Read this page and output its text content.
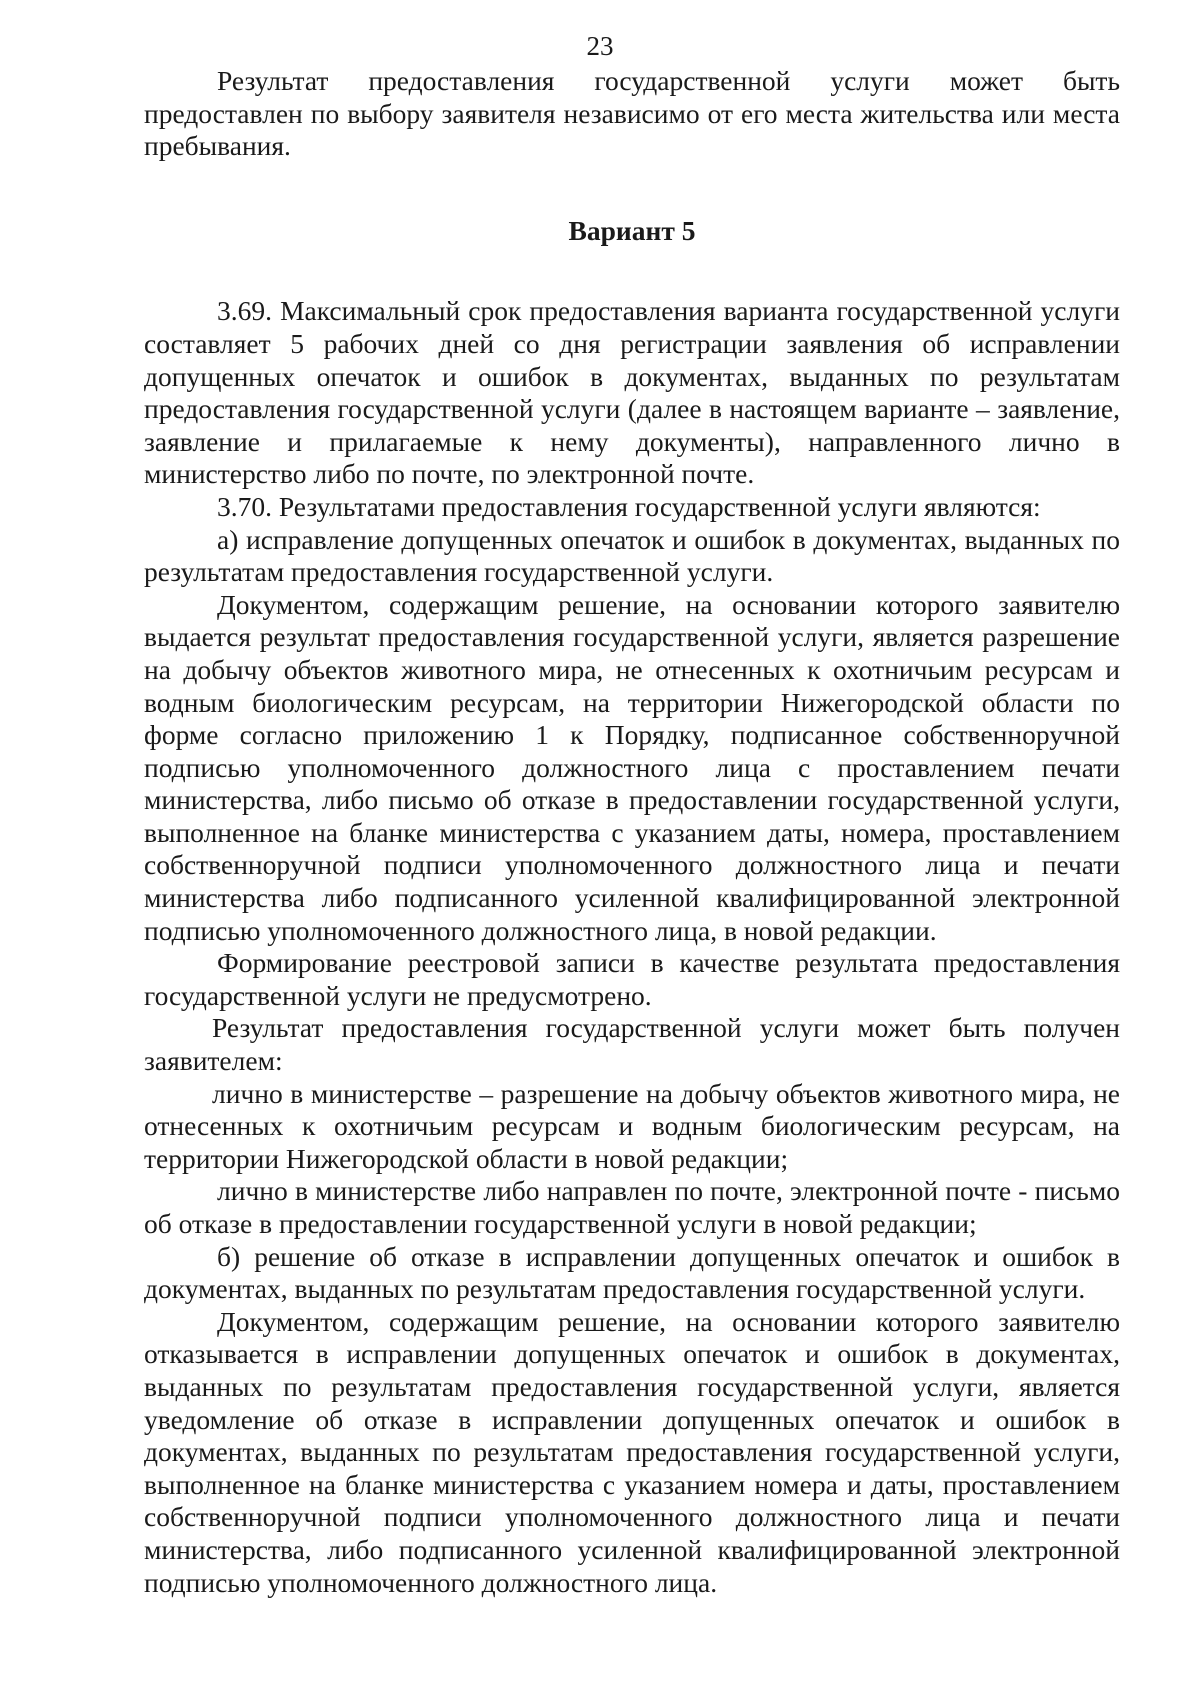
23

Результат предоставления государственной услуги может быть предоставлен по выбору заявителя независимо от его места жительства или места пребывания.

Вариант 5

3.69. Максимальный срок предоставления варианта государственной услуги составляет 5 рабочих дней со дня регистрации заявления об исправлении допущенных опечаток и ошибок в документах, выданных по результатам предоставления государственной услуги (далее в настоящем варианте – заявление, заявление и прилагаемые к нему документы), направленного лично в министерство либо по почте, по электронной почте.

3.70. Результатами предоставления государственной услуги являются:

а) исправление допущенных опечаток и ошибок в документах, выданных по результатам предоставления государственной услуги.

Документом, содержащим решение, на основании которого заявителю выдается результат предоставления государственной услуги, является разрешение на добычу объектов животного мира, не отнесенных к охотничьим ресурсам и водным биологическим ресурсам, на территории Нижегородской области по форме согласно приложению 1 к Порядку, подписанное собственноручной подписью уполномоченного должностного лица с проставлением печати министерства, либо письмо об отказе в предоставлении государственной услуги, выполненное на бланке министерства с указанием даты, номера, проставлением собственноручной подписи уполномоченного должностного лица и печати министерства либо подписанного усиленной квалифицированной электронной подписью уполномоченного должностного лица, в новой редакции.

Формирование реестровой записи в качестве результата предоставления государственной услуги не предусмотрено.

Результат предоставления государственной услуги может быть получен заявителем:

лично в министерстве – разрешение на добычу объектов животного мира, не отнесенных к охотничьим ресурсам и водным биологическим ресурсам, на территории Нижегородской области в новой редакции;

лично в министерстве либо направлен по почте, электронной почте - письмо об отказе в предоставлении государственной услуги в новой редакции;

б) решение об отказе в исправлении допущенных опечаток и ошибок в документах, выданных по результатам предоставления государственной услуги.

Документом, содержащим решение, на основании которого заявителю отказывается в исправлении допущенных опечаток и ошибок в документах, выданных по результатам предоставления государственной услуги, является уведомление об отказе в исправлении допущенных опечаток и ошибок в документах, выданных по результатам предоставления государственной услуги, выполненное на бланке министерства с указанием номера и даты, проставлением собственноручной подписи уполномоченного должностного лица и печати министерства, либо подписанного усиленной квалифицированной электронной подписью уполномоченного должностного лица.
